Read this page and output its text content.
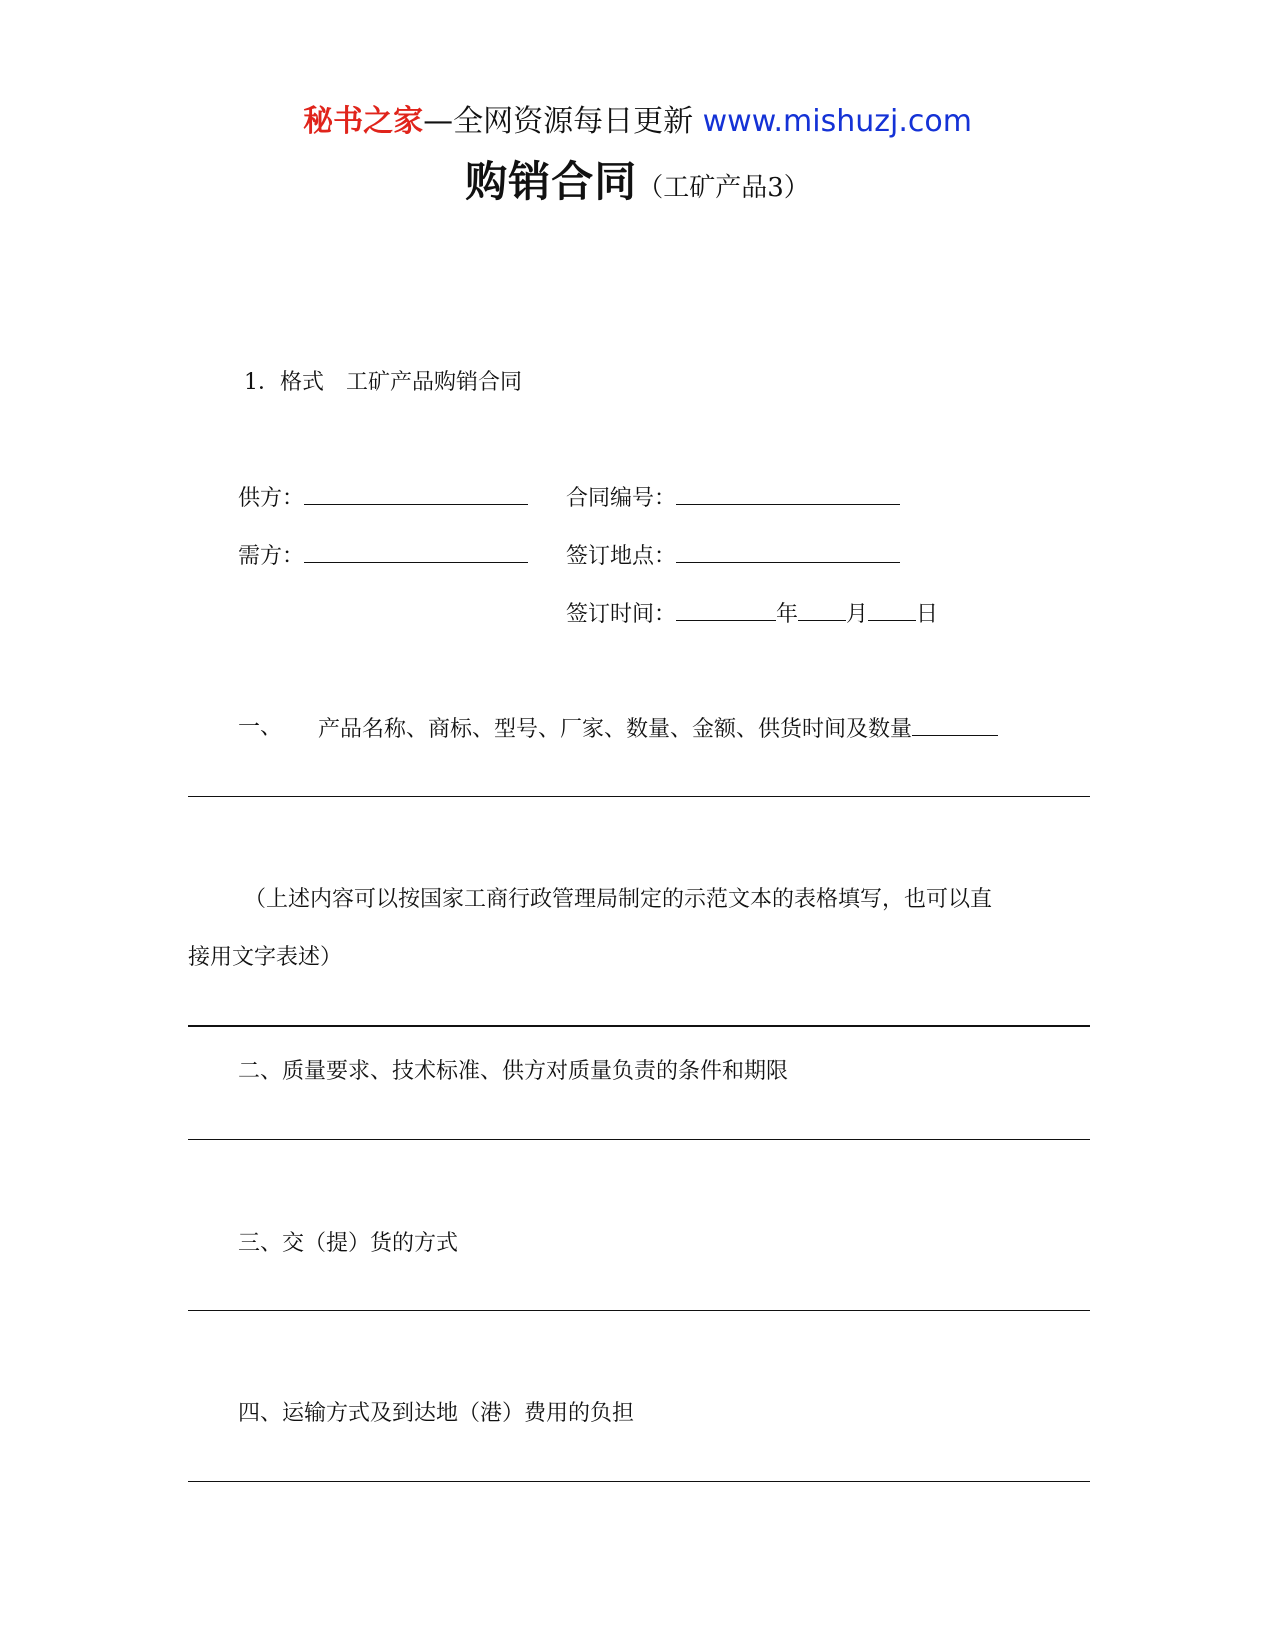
秘书之家—全网资源每日更新 www.mishuzj.com
购销合同（工矿产品3）
1．格式　工矿产品购销合同
供方：	合同编号：
需方：	签订地点：
签订时间：	年 月 日
一、 产品名称、商标、型号、厂家、数量、金额、供货时间及数量
（上述内容可以按国家工商行政管理局制定的示范文本的表格填写，也可以直
接用文字表述）
二、质量要求、技术标准、供方对质量负责的条件和期限
三、交（提）货的方式
四、运输方式及到达地（港）费用的负担
